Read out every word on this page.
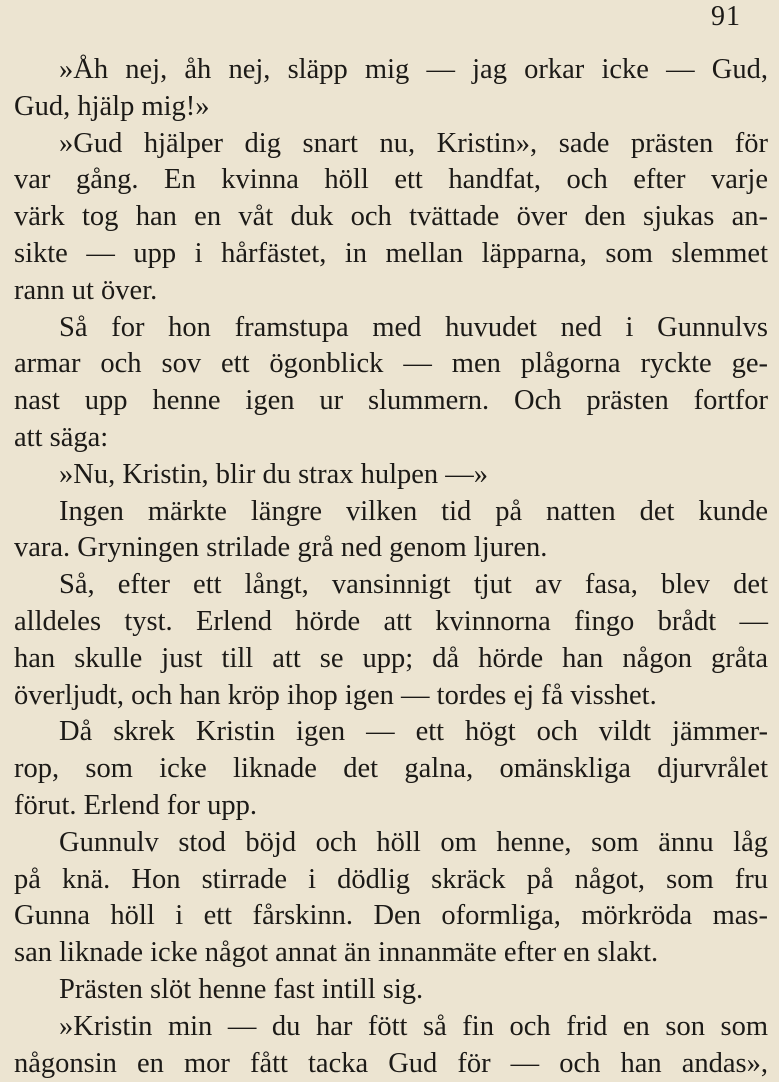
91
»Åh nej, åh nej, släpp mig — jag orkar icke — Gud,
Gud, hjälp mig!»
»Gud hjälper dig snart nu, Kristin», sade prästen för
var gång. En kvinna höll ett handfat, och efter varje
värk tog han en våt duk och tvättade över den sjukas an-
sikte — upp i hårfästet, in mellan läpparna, som slemmet
rann ut över.
Så for hon framstupa med huvudet ned i Gunnulvs
armar och sov ett ögonblick — men plågorna ryckte ge-
nast upp henne igen ur slummern. Och prästen fortfor
att säga:
»Nu, Kristin, blir du strax hulpen —»
Ingen märkte längre vilken tid på natten det kunde
vara. Gryningen strilade grå ned genom ljuren.
Så, efter ett långt, vansinnigt tjut av fasa, blev det
alldeles tyst. Erlend hörde att kvinnorna fingo brådt —
han skulle just till att se upp; då hörde han någon gråta
överljudt, och han kröp ihop igen — tordes ej få visshet.
Då skrek Kristin igen — ett högt och vildt jämmer-
rop, som icke liknade det galna, omänskliga djurvrålet
förut. Erlend for upp.
Gunnulv stod böjd och höll om henne, som ännu låg
på knä. Hon stirrade i dödlig skräck på något, som fru
Gunna höll i ett fårskinn. Den oformliga, mörkröda mas-
san liknade icke något annat än innanmäte efter en slakt.
Prästen slöt henne fast intill sig.
»Kristin min — du har fött så fin och frid en son som
någonsin en mor fått tacka Gud för — och han andas»,
